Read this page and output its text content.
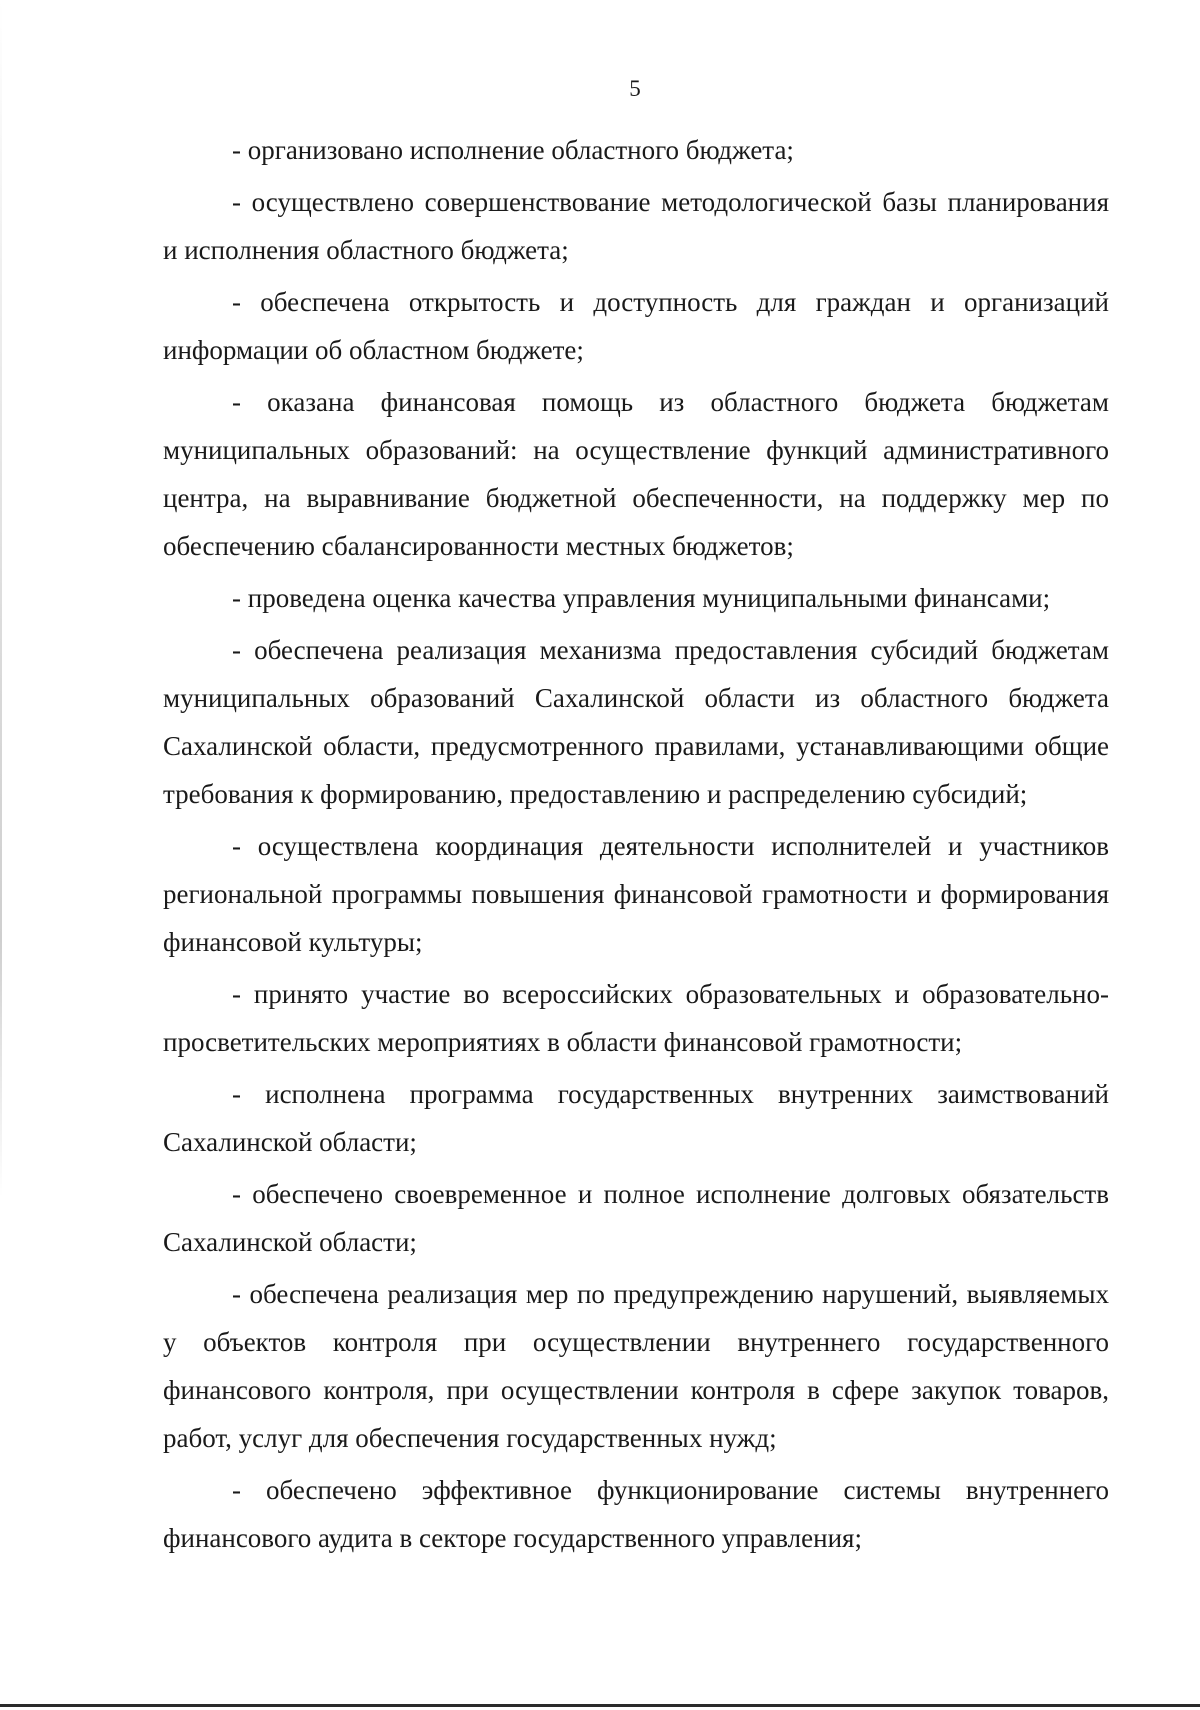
5

- организовано исполнение областного бюджета;

- осуществлено совершенствование методологической базы планирования и исполнения областного бюджета;

- обеспечена открытость и доступность для граждан и организаций информации об областном бюджете;

- оказана финансовая помощь из областного бюджета бюджетам муниципальных образований: на осуществление функций административного центра, на выравнивание бюджетной обеспеченности, на поддержку мер по обеспечению сбалансированности местных бюджетов;

- проведена оценка качества управления муниципальными финансами;

- обеспечена реализация механизма предоставления субсидий бюджетам муниципальных образований Сахалинской области из областного бюджета Сахалинской области, предусмотренного правилами, устанавливающими общие требования к формированию, предоставлению и распределению субсидий;

- осуществлена координация деятельности исполнителей и участников региональной программы повышения финансовой грамотности и формирования финансовой культуры;

- принято участие во всероссийских образовательных и образовательно-просветительских мероприятиях в области финансовой грамотности;

- исполнена программа государственных внутренних заимствований Сахалинской области;

- обеспечено своевременное и полное исполнение долговых обязательств Сахалинской области;

- обеспечена реализация мер по предупреждению нарушений, выявляемых у объектов контроля при осуществлении внутреннего государственного финансового контроля, при осуществлении контроля в сфере закупок товаров, работ, услуг для обеспечения государственных нужд;

- обеспечено эффективное функционирование системы внутреннего финансового аудита в секторе государственного управления;
